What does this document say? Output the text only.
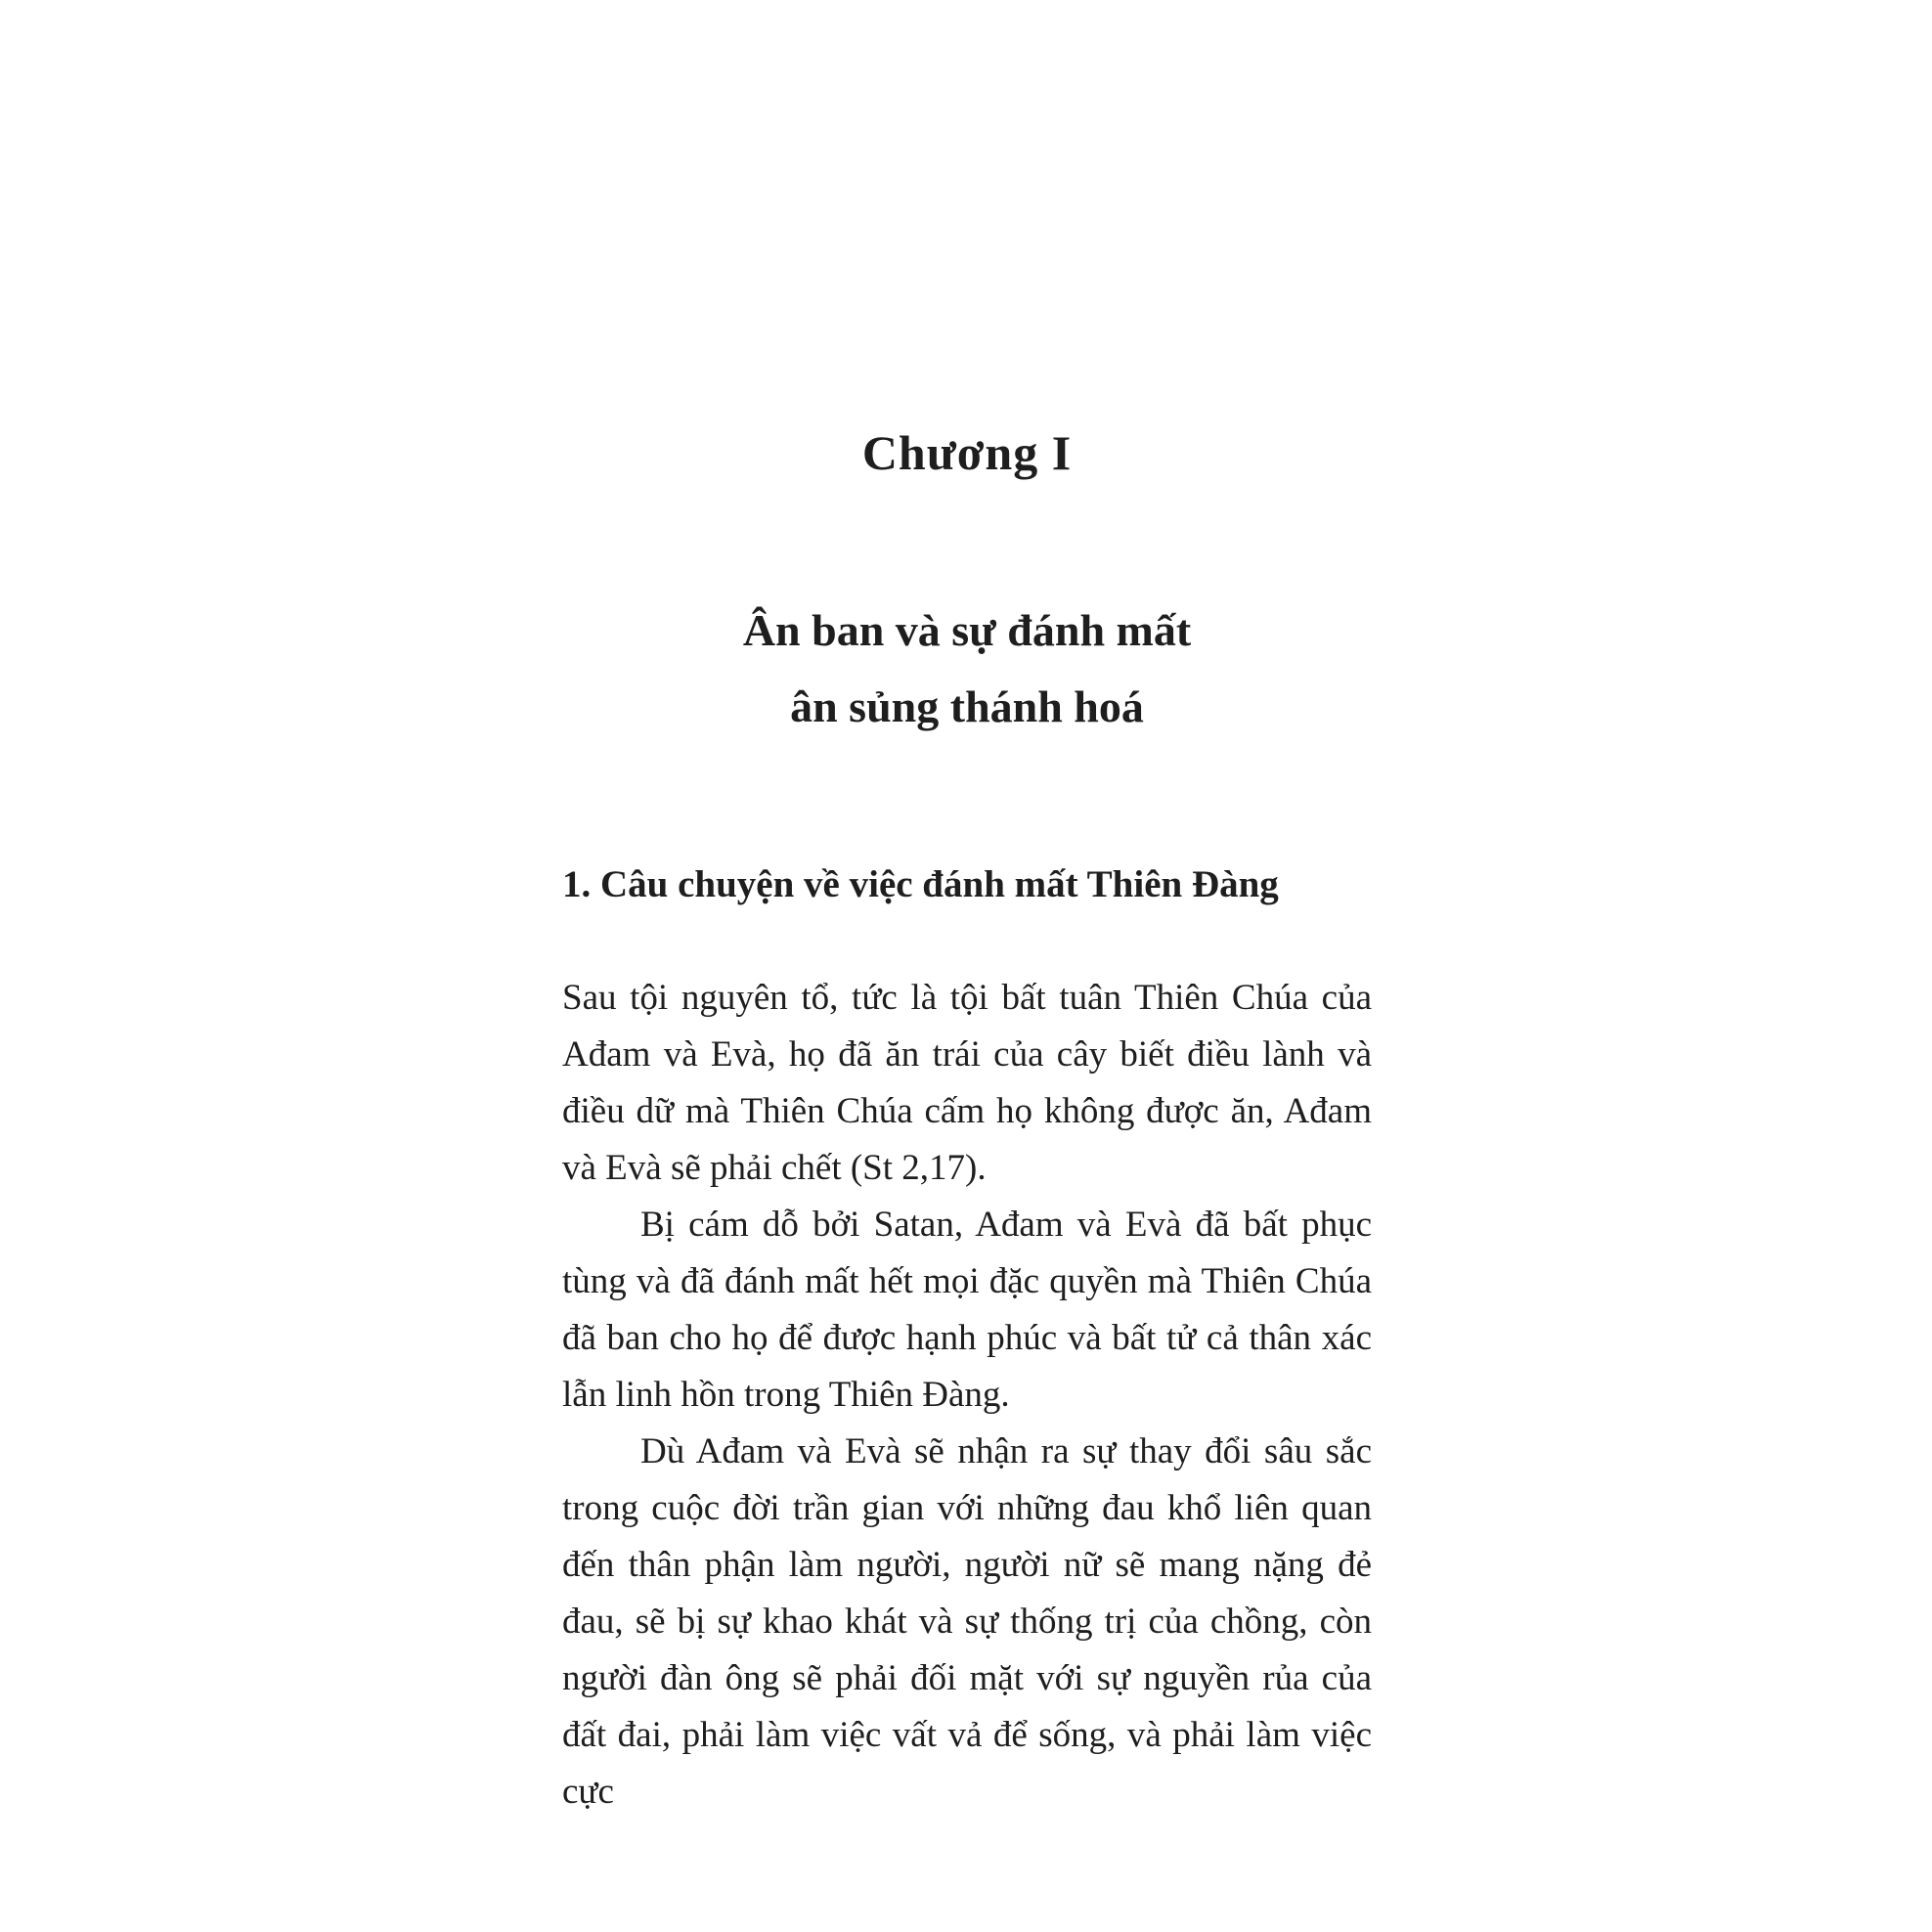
Chương I
Ân ban và sự đánh mất
ân sủng thánh hoá
1. Câu chuyện về việc đánh mất Thiên Đàng

Sau tội nguyên tổ, tức là tội bất tuân Thiên Chúa của Ađam và Evà, họ đã ăn trái của cây biết điều lành và điều dữ mà Thiên Chúa cấm họ không được ăn, Ađam và Evà sẽ phải chết (St 2,17).

Bị cám dỗ bởi Satan, Ađam và Evà đã bất phục tùng và đã đánh mất hết mọi đặc quyền mà Thiên Chúa đã ban cho họ để được hạnh phúc và bất tử cả thân xác lẫn linh hồn trong Thiên Đàng.

Dù Ađam và Evà sẽ nhận ra sự thay đổi sâu sắc trong cuộc đời trần gian với những đau khổ liên quan đến thân phận làm người, người nữ sẽ mang nặng đẻ đau, sẽ bị sự khao khát và sự thống trị của chồng, còn người đàn ông sẽ phải đối mặt với sự nguyền rủa của đất đai, phải làm việc vất vả để sống, và phải làm việc cực
